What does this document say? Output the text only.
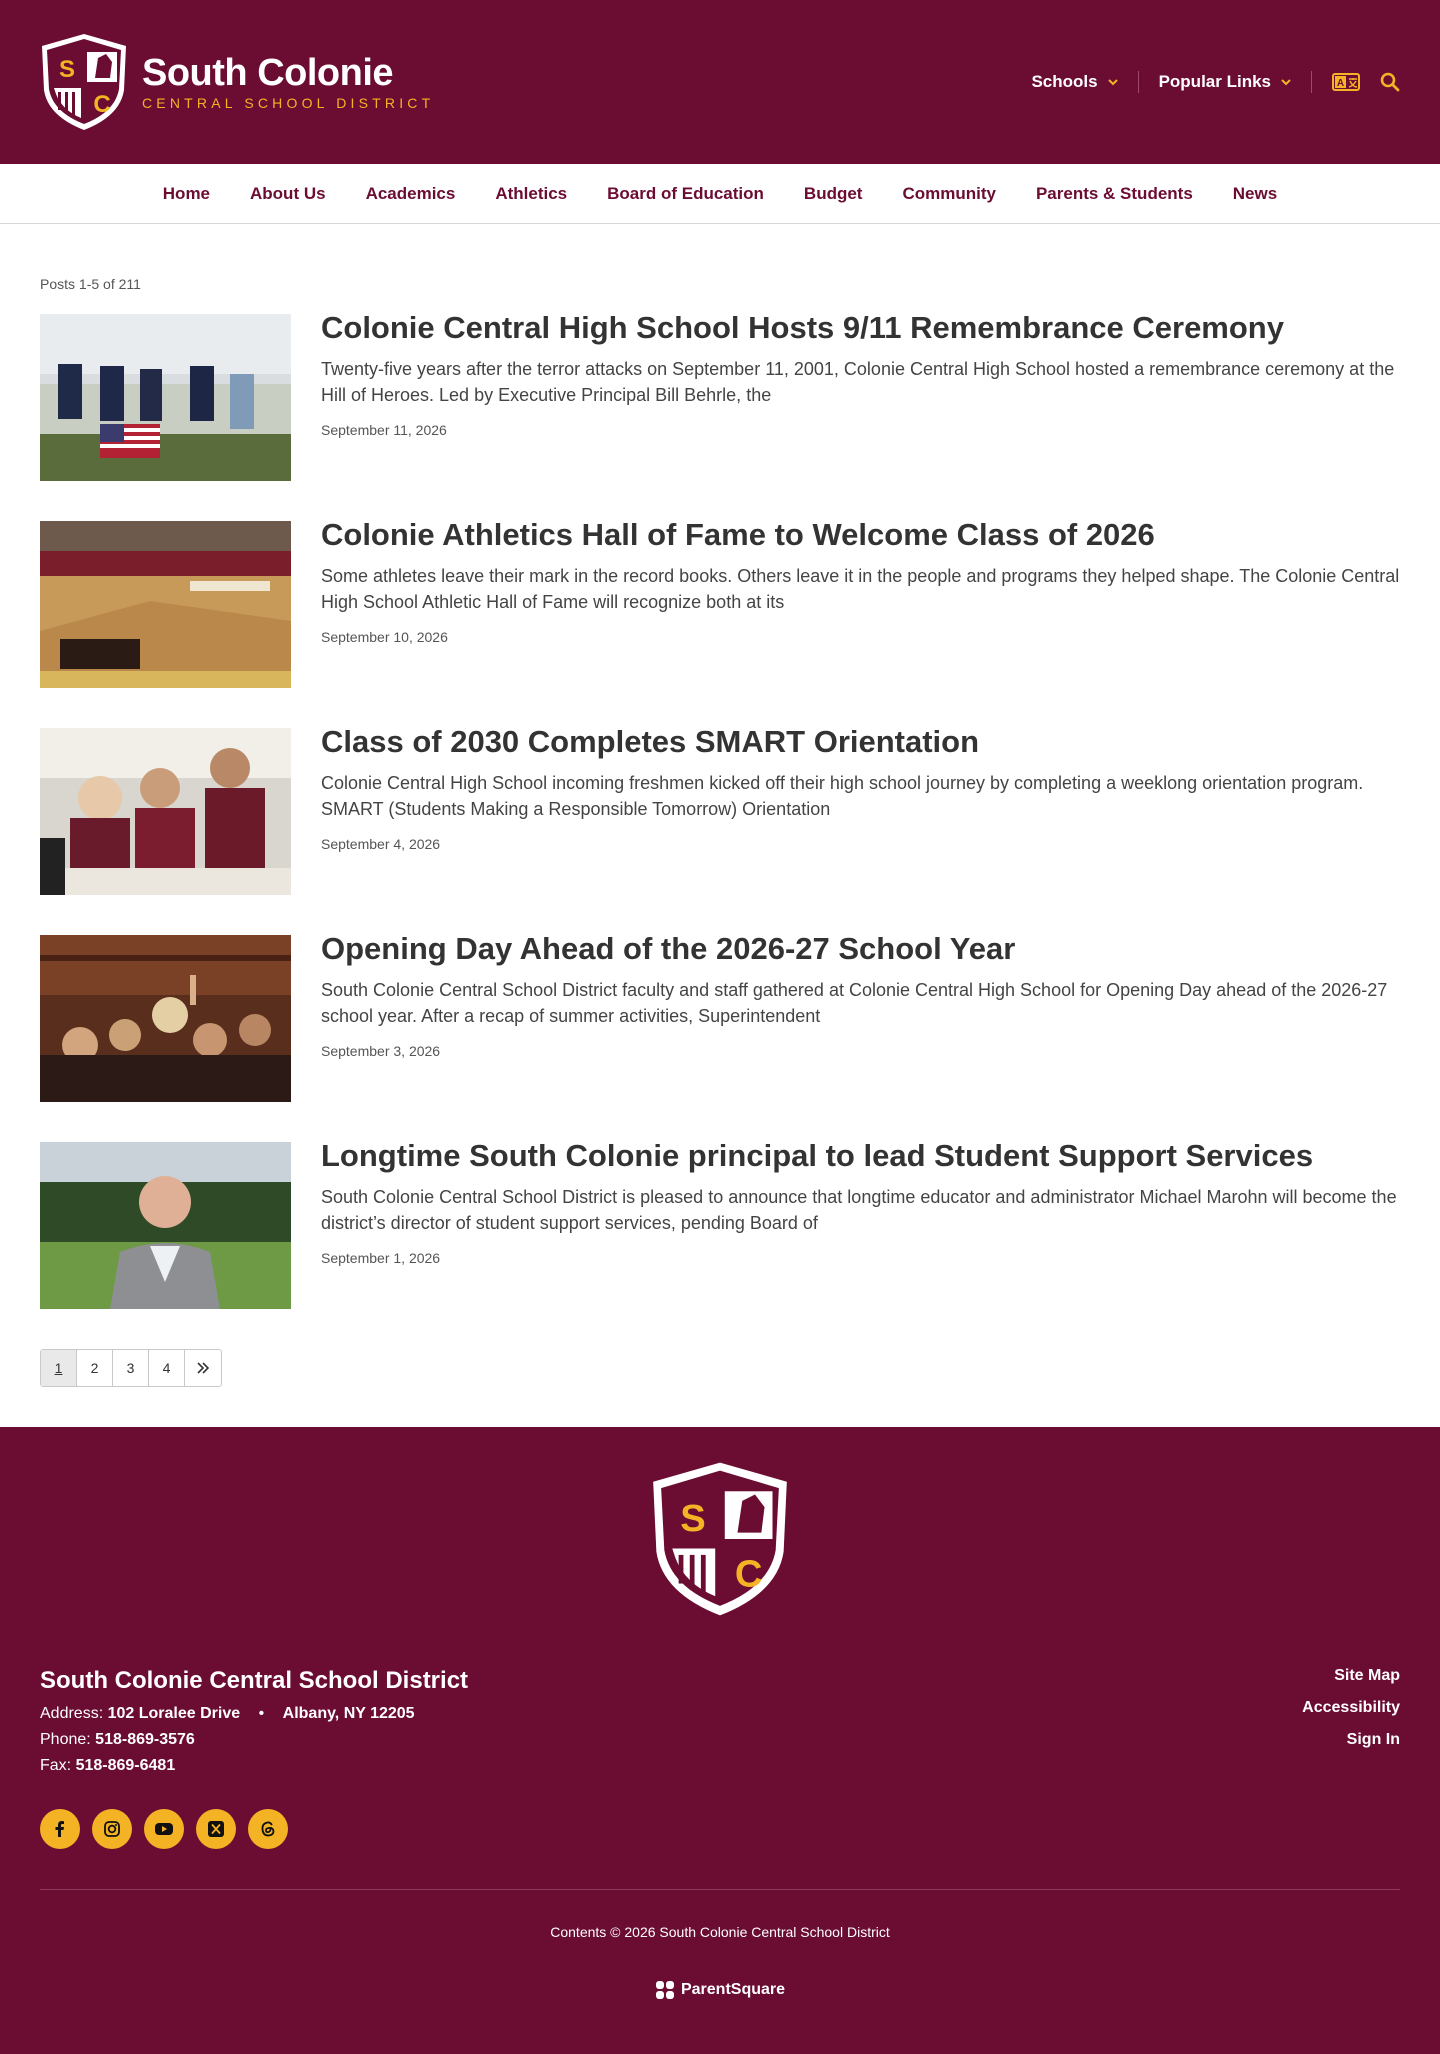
S
C
South Colonie
CENTRAL SCHOOL DISTRICT
Schools	Popular Links	A
Home About Us Academics Athletics Board of Education Budget Community Parents & Students News
Posts 1-5 of 211
Colonie Central High School Hosts 9/11 Remembrance Ceremony

Twenty-five years after the terror attacks on September 11, 2001, Colonie Central High School hosted a remembrance ceremony at the Hill of Heroes. Led by Executive Principal Bill Behrle, the

September 11, 2026
Colonie Athletics Hall of Fame to Welcome Class of 2026

Some athletes leave their mark in the record books. Others leave it in the people and programs they helped shape. The Colonie Central High School Athletic Hall of Fame will recognize both at its

September 10, 2026
Class of 2030 Completes SMART Orientation

Colonie Central High School incoming freshmen kicked off their high school journey by completing a weeklong orientation program. SMART (Students Making a Responsible Tomorrow) Orientation

September 4, 2026
Opening Day Ahead of the 2026-27 School Year

South Colonie Central School District faculty and staff gathered at Colonie Central High School for Opening Day ahead of the 2026-27 school year. After a recap of summer activities, Superintendent

September 3, 2026
Longtime South Colonie principal to lead Student Support Services

South Colonie Central School District is pleased to announce that longtime educator and administrator Michael Marohn will become the district’s director of student support services, pending Board of

September 1, 2026
1	2	3	4
S
C
South Colonie Central School District
Address: 102 Loralee Drive • Albany, NY 12205
Phone: 518-869-3576
Fax: 518-869-6481
Site Map
Accessibility
Sign In
Contents © 2026 South Colonie Central School District
ParentSquare
